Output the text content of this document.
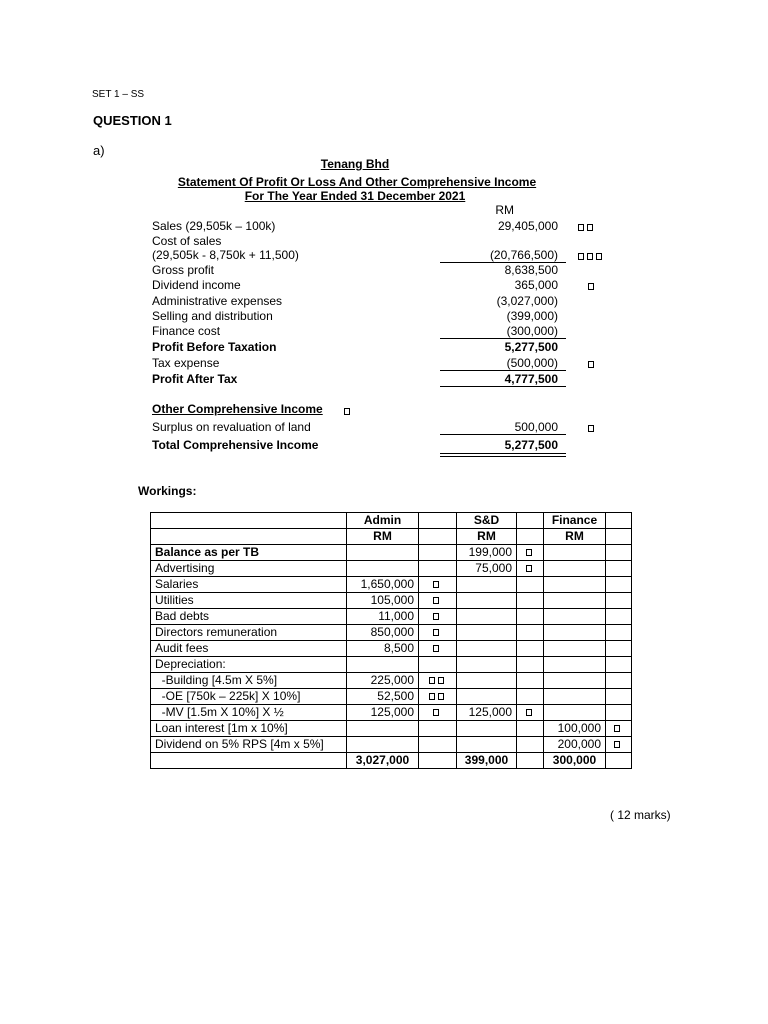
SET 1 – SS
QUESTION 1
a)
Tenang Bhd
Statement Of Profit Or Loss And Other Comprehensive Income
For The Year Ended 31 December 2021
RM
Sales (29,505k – 100k)	29,405,000
Cost of sales
(29,505k - 8,750k + 11,500)	(20,766,500)
Gross profit	8,638,500
Dividend income	365,000
Administrative expenses	(3,027,000)
Selling and distribution	(399,000)
Finance cost	(300,000)
Profit Before Taxation	5,277,500
Tax expense	(500,000)
Profit After Tax	4,777,500
Other Comprehensive Income
Surplus on revaluation of land	500,000
Total Comprehensive Income	5,277,500
Workings:
	Admin		S&D		Finance	
	RM		RM		RM	
Balance as per TB			199,000			
Advertising			75,000			
Salaries	1,650,000					
Utilities	105,000					
Bad debts	11,000					
Directors remuneration	850,000					
Audit fees	8,500					
Depreciation:						
-Building [4.5m X 5%]	225,000					
-OE [750k – 225k] X 10%]	52,500					
-MV [1.5m X 10%] X ½	125,000		125,000			
Loan interest [1m x 10%]					100,000	
Dividend on 5% RPS [4m x 5%]					200,000	
	3,027,000		399,000		300,000	
( 12 marks)
